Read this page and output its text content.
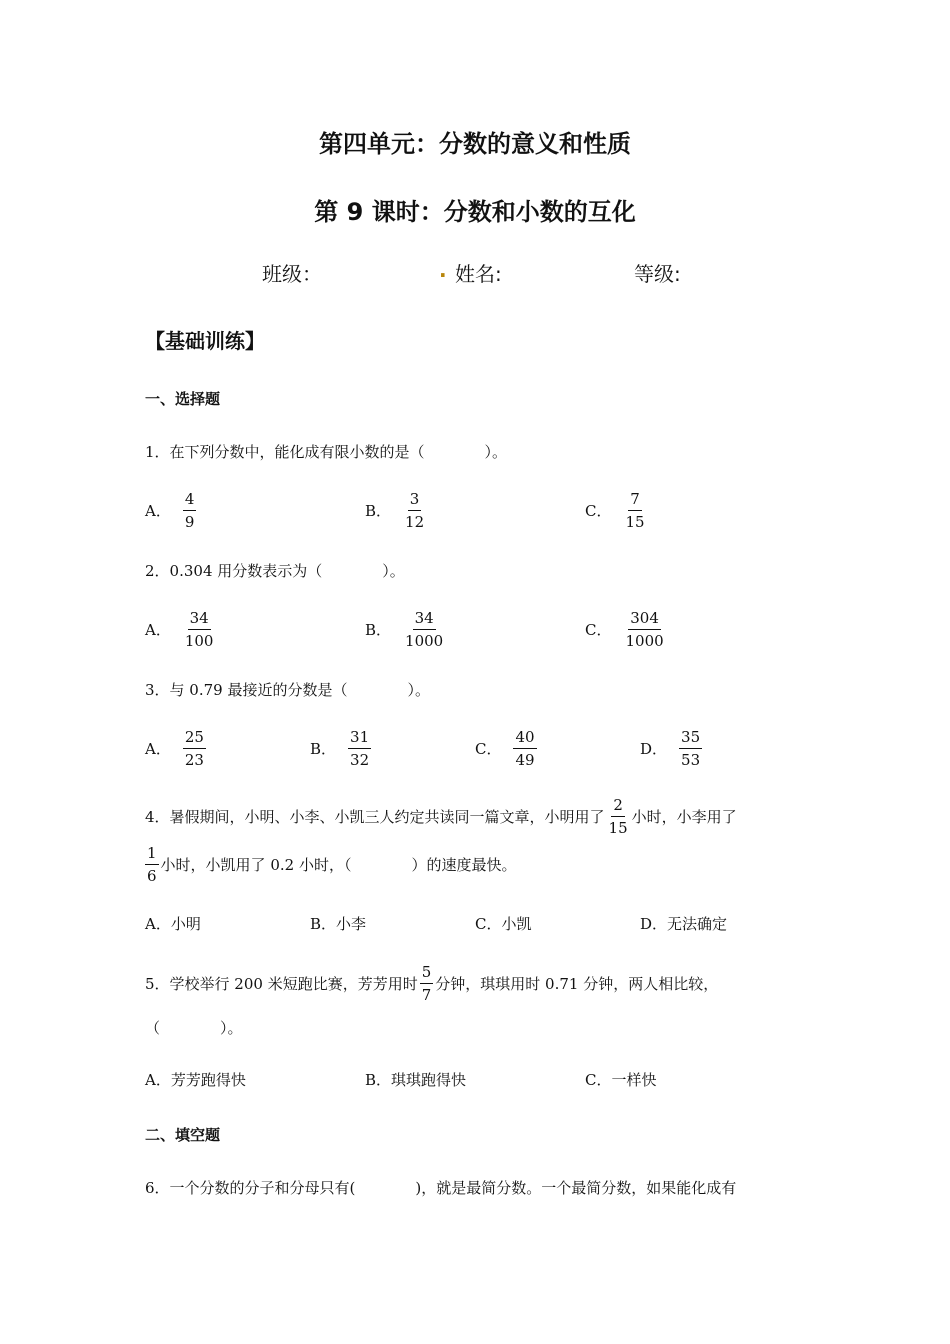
第四单元：分数的意义和性质
第 9 课时：分数和小数的互化
班级：	. 姓名:	等级:
【基础训练】
一、选择题
1．在下列分数中，能化成有限小数的是（	）。
A． $\frac{4}{9}$	B． $\frac{3}{12}$	C． $\frac{7}{15}$
2．0.304 用分数表示为（	）。
A． $\frac{34}{100}$	B． $\frac{34}{1000}$	C． $\frac{304}{1000}$
3．与 0.79 最接近的分数是（	）。
A． $\frac{25}{23}$	B． $\frac{31}{32}$	C． $\frac{40}{49}$	D． $\frac{35}{53}$
4．暑假期间，小明、小李、小凯三人约定共读同一篇文章，小明用了 $\frac{2}{15}$ 小时，小李用了
$\frac{1}{6}$ 小时，小凯用了 0.2 小时，（	）的速度最快。
A．小明	B．小李	C．小凯	D．无法确定
5．学校举行 200 米短跑比赛，芳芳用时 $\frac{5}{7}$ 分钟，琪琪用时 0.71 分钟，两人相比较，
（	）。
A．芳芳跑得快	B．琪琪跑得快	C．一样快
二、填空题
6．一个分数的分子和分母只有(	)，就是最简分数。一个最简分数，如果能化成有
